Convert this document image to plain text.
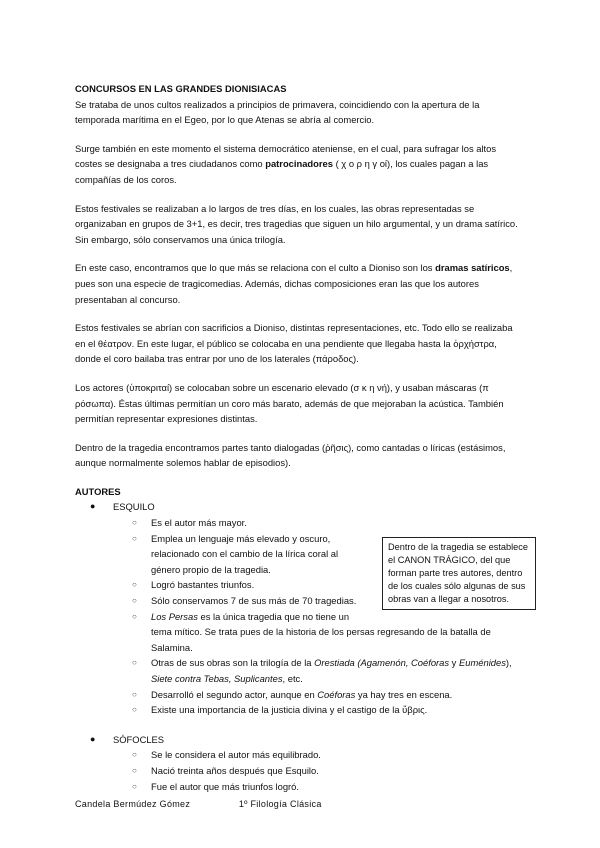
CONCURSOS EN LAS GRANDES DIONISIACAS

Se trataba de unos cultos realizados a principios de primavera, coincidiendo con la apertura de la temporada marítima en el Egeo, por lo que Atenas se abría al comercio.

Surge también en este momento el sistema democrático ateniense, en el cual, para sufragar los altos costes se designaba a tres ciudadanos como patrocinadores ( χ ο ρ η γ οί), los cuales pagan a las compañías de los coros.

Estos festivales se realizaban a lo largos de tres días, en los cuales, las obras representadas se organizaban en grupos de 3+1, es decir, tres tragedias que siguen un hilo argumental, y un drama satírico. Sin embargo, sólo conservamos una única trilogía.

En este caso, encontramos que lo que más se relaciona con el culto a Dioniso son los dramas satíricos, pues son una especie de tragicomedias. Además, dichas composiciones eran las que los autores presentaban al concurso.

Estos festivales se abrían con sacrificios a Dioniso, distintas representaciones, etc. Todo ello se realizaba en el θέατρον. En este lugar, el público se colocaba en una pendiente que llegaba hasta la ὀρχήστρα, donde el coro bailaba tras entrar por uno de los laterales (πάροδος).

Los actores (ὑποκριταί) se colocaban sobre un escenario elevado (σ κ η νή), y usaban máscaras (π ρόσωπα). Éstas últimas permitían un coro más barato, además de que mejoraban la acústica. También permitían representar expresiones distintas.

Dentro de la tragedia encontramos partes tanto dialogadas (ῥῆσις), como cantadas o líricas (estásimos, aunque normalmente solemos hablar de episodios).

AUTORES
● ESQUILO
○ Es el autor más mayor.
Dentro de la tragedia se establece el CANON TRÁGICO, del que forman parte tres autores, dentro de los cuales sólo algunas de sus obras van a llegar a nosotros.
○ Emplea un lenguaje más elevado y oscuro, relacionado con el cambio de la lírica coral al género propio de la tragedia.
○ Logró bastantes triunfos.
○ Sólo conservamos 7 de sus más de 70 tragedias.
○ Los Persas es la única tragedia que no tiene un tema mítico. Se trata pues de la historia de los persas regresando de la batalla de Salamina.
○ Otras de sus obras son la trilogía de la Orestiada (Agamenón, Coéforas y Euménides), Siete contra Tebas, Suplicantes, etc.
○ Desarrolló el segundo actor, aunque en Coéforas ya hay tres en escena.
○ Existe una importancia de la justicia divina y el castigo de la ὕβρις.
● SÓFOCLES
○ Se le considera el autor más equilibrado.
○ Nació treinta años después que Esquilo.
○ Fue el autor que más triunfos logró.
Candela Bermúdez Gómez	1º Filología Clásica
